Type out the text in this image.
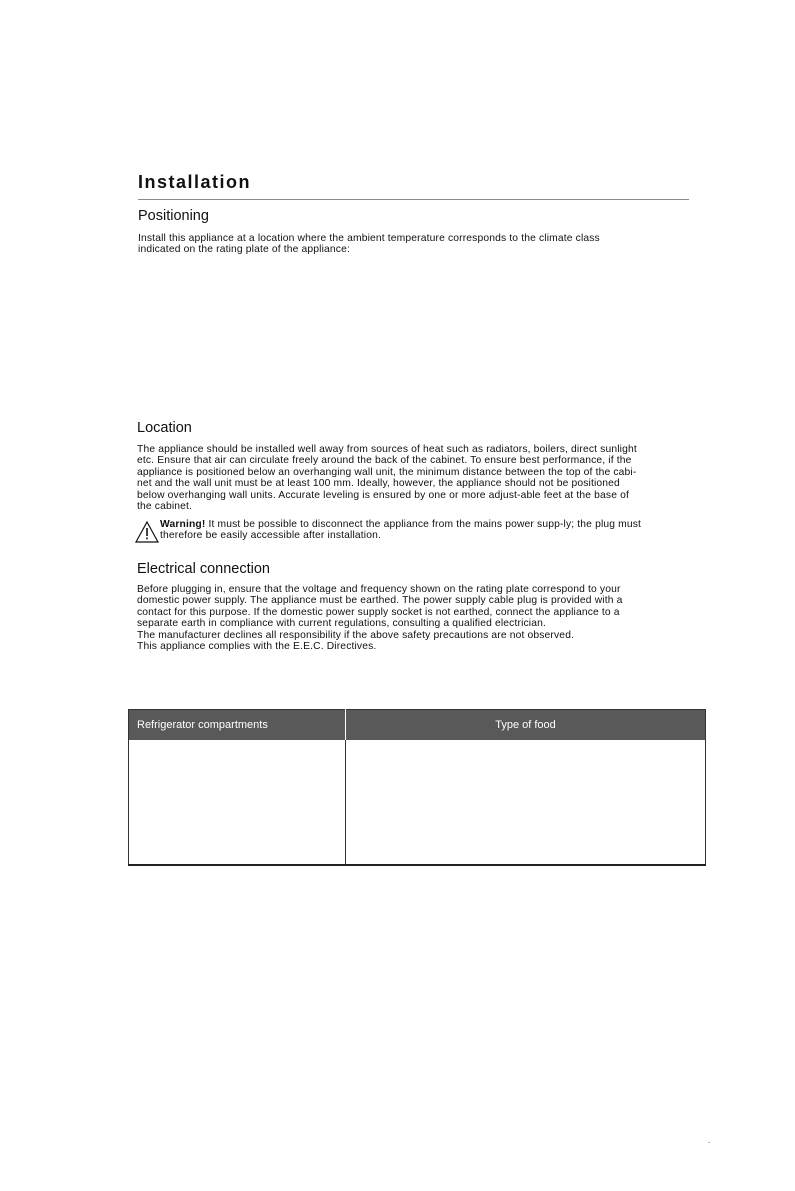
Installation
Positioning
Install this appliance at a location where the ambient temperature corresponds to the climate class
indicated on the rating plate of the appliance:
Location
The appliance should be installed well away from sources of heat such as radiators, boilers, direct sunlight
etc. Ensure that air can circulate freely around the back of the cabinet. To ensure best performance, if the
appliance is positioned below an overhanging wall unit, the minimum distance between the top of the cabi-
net and the wall unit must be at least 100 mm. Ideally, however, the appliance should not be positioned
below overhanging wall units. Accurate leveling is ensured by one or more adjust-able feet at the base of
the cabinet.
Warning! It must be possible to disconnect the appliance from the mains power supp-ly; the plug must
therefore be easily accessible after installation.
Electrical connection
Before plugging in, ensure that the voltage and frequency shown on the rating plate correspond to your
domestic power supply. The appliance must be earthed. The power supply cable plug is provided with a
contact for this purpose. If the domestic power supply socket is not earthed, connect the appliance to a
separate earth in compliance with current regulations, consulting a qualified electrician.
The manufacturer declines all responsibility if the above safety precautions are not observed.
This appliance complies with the E.E.C. Directives.
Refrigerator compartments	Type of food

.
